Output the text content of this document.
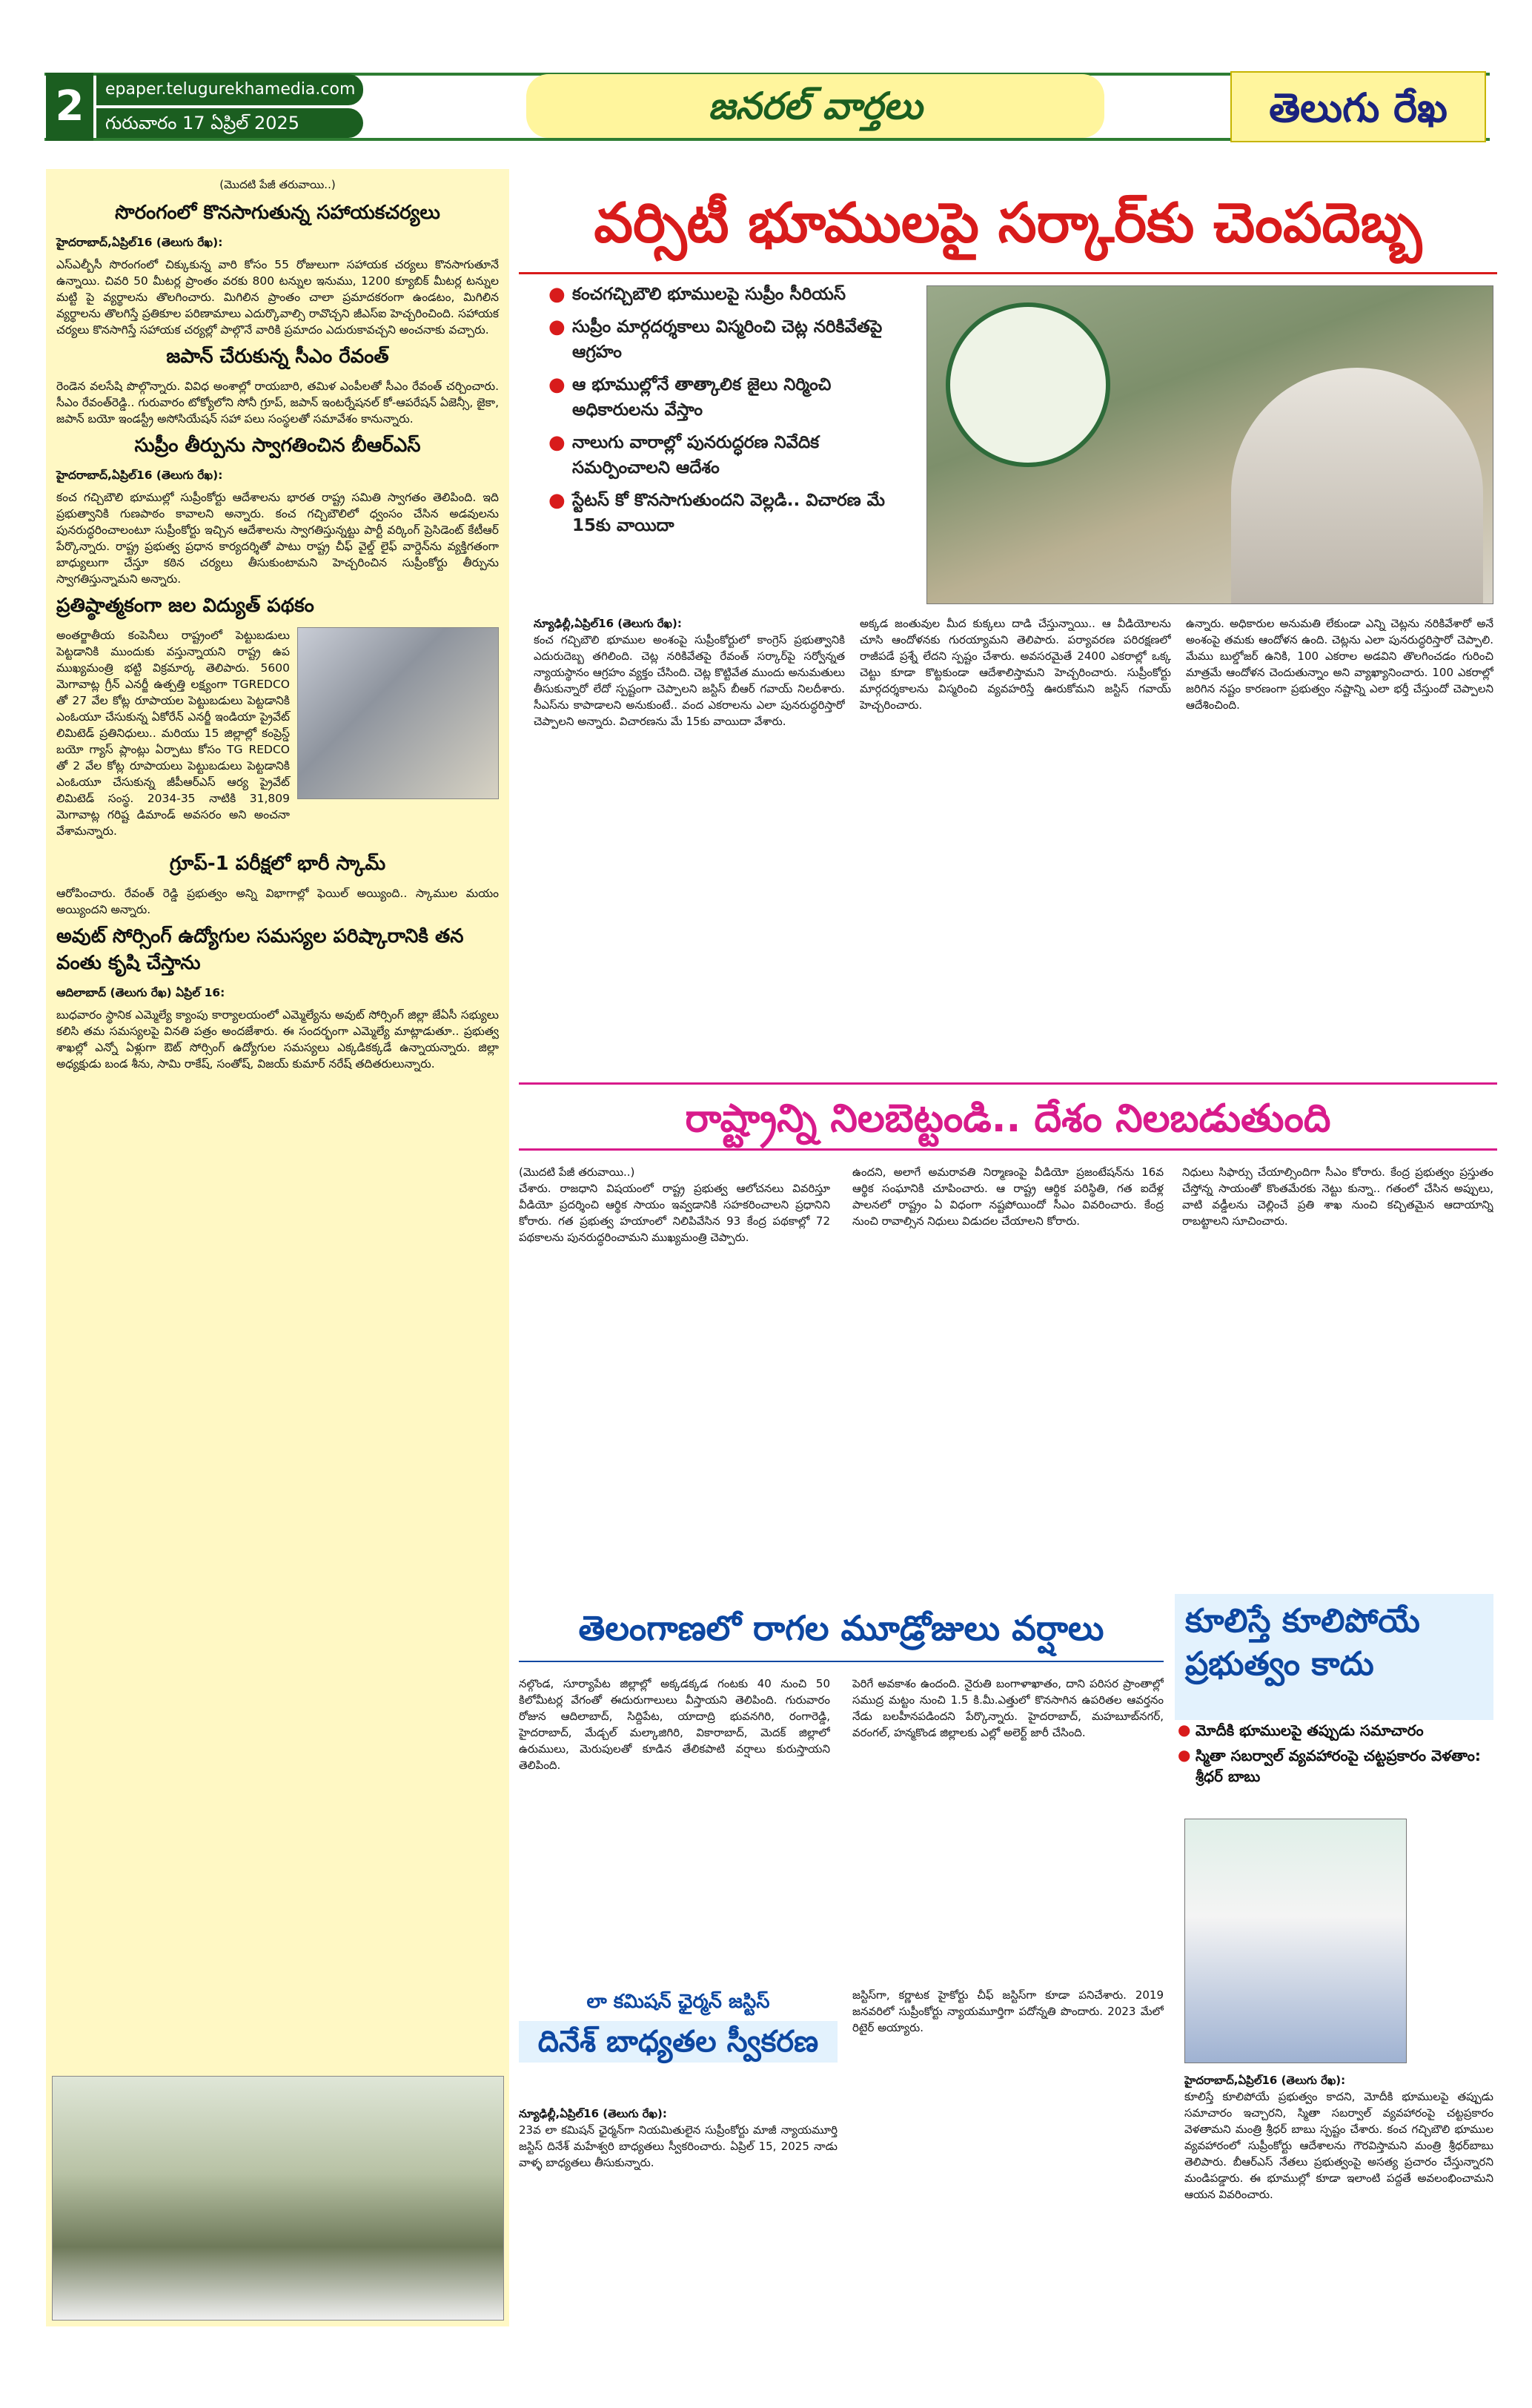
2	epaper.telugurekhamedia.com
గురువారం 17 ఏప్రిల్ 2025	జనరల్ వార్తలు	తెలుగు రేఖ
(మొదటి పేజీ తరువాయి..)
సొరంగంలో కొనసాగుతున్న సహాయకచర్యలు

హైదరాబాద్,ఏప్రిల్16 (తెలుగు రేఖ):

ఎస్ఎల్బీసీ సొరంగంలో చిక్కుకున్న వారి కోసం 55 రోజులుగా సహాయక చర్యలు కొనసాగుతూనే ఉన్నాయి. చివరి 50 మీటర్ల ప్రాంతం వరకు 800 టన్నుల ఇనుము, 1200 క్యూబిక్ మీటర్ల టన్నుల మట్టి పై వ్యర్థాలను తొలగించారు. మిగిలిన ప్రాంతం చాలా ప్రమాదకరంగా ఉండటం, మిగిలిన వ్యర్థాలను తొలగిస్తే ప్రతికూల పరిణామాలు ఎదుర్కొవాల్సి రావొచ్చని జీఎస్ఐ హెచ్చరించింది. సహాయక చర్యలు కొనసాగిస్తే సహాయక చర్యల్లో పాల్గొనే వారికి ప్రమాదం ఎదురుకావచ్చని అంచనాకు వచ్చారు.

జపాన్ చేరుకున్న సీఎం రేవంత్

రెండెన వలసేషి పొల్గొన్నారు. వివిధ అంశాల్లో రాయబారి, తమిళ ఎంపీలతో సీఎం రేవంత్ చర్చించారు. సీఎం రేవంత్‌రెడ్డి.. గురువారం టోక్యోలోని సోనీ గ్రూప్, జపాన్ ఇంటర్నేషనల్ కో-ఆపరేషన్ ఏజెన్సీ, జైకా, జపాన్ బయో ఇండస్ట్రీ అసోసియేషన్ సహా పలు సంస్థలతో సమావేశం కానున్నారు.

సుప్రీం తీర్పును స్వాగతించిన బీఆర్ఎస్

హైదరాబాద్,ఏప్రిల్16 (తెలుగు రేఖ):

కంచ గచ్చిబౌలి భూముల్లో సుప్రీంకోర్టు ఆదేశాలను భారత రాష్ట్ర సమితి స్వాగతం తెలిపింది. ఇది ప్రభుత్వానికి గుణపాఠం కావాలని అన్నారు. కంచ గచ్చిబౌలిలో ధ్వంసం చేసిన అడవులను పునరుద్ధరించాలంటూ సుప్రీంకోర్టు ఇచ్చిన ఆదేశాలను స్వాగతిస్తున్నట్టు పార్టీ వర్కింగ్ ప్రెసిడెంట్ కేటీఆర్ పేర్కొన్నారు. రాష్ట్ర ప్రభుత్వ ప్రధాన కార్యదర్శితో పాటు రాష్ట్ర చీఫ్ వైల్డ్ లైఫ్ వార్డెన్‌ను వ్యక్తిగతంగా బాధ్యులుగా చేస్తూ కఠిన చర్యలు తీసుకుంటామని హెచ్చరించిన సుప్రీంకోర్టు తీర్పును స్వాగతిస్తున్నామని అన్నారు.

ప్రతిష్ఠాత్మకంగా జల విద్యుత్ పథకం

అంతర్జాతీయ కంపెనీలు రాష్ట్రంలో పెట్టుబడులు పెట్టడానికి ముందుకు వస్తున్నాయని రాష్ట్ర ఉప ముఖ్యమంత్రి భట్టి విక్రమార్క తెలిపారు. 5600 మెగావాట్ల గ్రీన్ ఎనర్జీ ఉత్పత్తి లక్ష్యంగా TGREDCO తో 27 వేల కోట్ల రూపాయల పెట్టుబడులు పెట్టడానికి ఎంఓయూ చేసుకున్న ఏకోరేన్ ఎనర్జీ ఇండియా ప్రైవేట్ లిమిటెడ్ ప్రతినిధులు.. మరియు 15 జిల్లాల్లో కంప్రెస్డ్ బయో గ్యాస్ ప్లాంట్లు ఏర్పాటు కోసం TG REDCO తో 2 వేల కోట్ల రూపాయలు పెట్టుబడులు పెట్టడానికి ఎంఓయూ చేసుకున్న జీపీఆర్ఎస్ ఆర్య ప్రైవేట్ లిమిటెడ్ సంస్థ. 2034-35 నాటికి 31,809 మెగావాట్ల గరిష్ట డిమాండ్ అవసరం అని అంచనా వేశామన్నారు.

గ్రూప్-1 పరీక్షలో భారీ స్కామ్

ఆరోపించారు. రేవంత్ రెడ్డి ప్రభుత్వం అన్ని విభాగాల్లో ఫెయిల్ అయ్యింది.. స్కాముల మయం అయ్యిందని అన్నారు.

అవుట్ సోర్సింగ్ ఉద్యోగుల సమస్యల పరిష్కారానికి తన వంతు కృషి చేస్తాను

ఆదిలాబాద్ (తెలుగు రేఖ) ఏప్రిల్ 16:

బుధవారం స్థానిక ఎమ్మెల్యే క్యాంపు కార్యాలయంలో ఎమ్మెల్యేను అవుట్ సోర్సింగ్ జిల్లా జేఏసీ సభ్యులు కలిసి తమ సమస్యలపై వినతి పత్రం అందజేశారు. ఈ సందర్భంగా ఎమ్మెల్యే మాట్లాడుతూ.. ప్రభుత్వ శాఖల్లో ఎన్నో ఏళ్లుగా ఔట్ సోర్సింగ్ ఉద్యోగుల సమస్యలు ఎక్కడికక్కడే ఉన్నాయన్నారు. జిల్లా అధ్యక్షుడు బండ శీను, సామి రాకేష్, సంతోష్, విజయ్ కుమార్ నరేష్ తదితరులున్నారు.

వర్సిటీ భూములపై సర్కార్‌కు చెంపదెబ్బ
● కంచగచ్చిబౌలి భూములపై సుప్రీం సీరియస్
● సుప్రీం మార్గదర్శకాలు విస్మరించి చెట్ల నరికివేతపై ఆగ్రహం
● ఆ భూముల్లోనే తాత్కాలిక జైలు నిర్మించి అధికారులను వేస్తాం
● నాలుగు వారాల్లో పునరుద్ధరణ నివేదిక సమర్పించాలని ఆదేశం
● స్టేటస్ కో కొనసాగుతుందని వెల్లడి.. విచారణ మే 15కు వాయిదా
న్యూఢిల్లీ,ఏప్రిల్16 (తెలుగు రేఖ):
కంచ గచ్చిబౌలి భూముల అంశంపై సుప్రీంకోర్టులో కాంగ్రెస్ ప్రభుత్వానికి ఎదురుదెబ్బ తగిలింది. చెట్ల నరికివేతపై రేవంత్ సర్కార్‌పై సర్వోన్నత న్యాయస్థానం ఆగ్రహం వ్యక్తం చేసింది. చెట్ల కొట్టివేత ముందు అనుమతులు తీసుకున్నారో లేదో స్పష్టంగా చెప్పాలని జస్టిస్ బీఆర్ గవాయ్ నిలదీశారు. సీఎస్‌ను కాపాడాలని అనుకుంటే.. వంద ఎకరాలను ఎలా పునరుద్ధరిస్తారో చెప్పాలని అన్నారు. విచారణను మే 15కు వాయిదా వేశారు.
అక్కడ జంతువుల మీద కుక్కలు దాడి చేస్తున్నాయి.. ఆ వీడియోలను చూసి ఆందోళనకు గురయ్యామని తెలిపారు. పర్యావరణ పరిరక్షణలో రాజీపడే ప్రశ్నే లేదని స్పష్టం చేశారు. అవసరమైతే 2400 ఎకరాల్లో ఒక్క చెట్టు కూడా కొట్టకుండా ఆదేశాలిస్తామని హెచ్చరించారు. సుప్రీంకోర్టు మార్గదర్శకాలను విస్మరించి వ్యవహరిస్తే ఊరుకోమని జస్టిస్ గవాయ్ హెచ్చరించారు.
ఉన్నారు. అధికారుల అనుమతి లేకుండా ఎన్ని చెట్లను నరికివేశారో అనే అంశంపై తమకు ఆందోళన ఉంది. చెట్లను ఎలా పునరుద్ధరిస్తారో చెప్పాలి. మేము బుల్డోజర్ ఉనికి, 100 ఎకరాల అడవిని తొలగించడం గురించి మాత్రమే ఆందోళన చెందుతున్నాం అని వ్యాఖ్యానించారు. 100 ఎకరాల్లో జరిగిన నష్టం కారణంగా ప్రభుత్వం నష్టాన్ని ఎలా భర్తీ చేస్తుందో చెప్పాలని ఆదేశించింది.
రాష్ట్రాన్ని నిలబెట్టండి.. దేశం నిలబడుతుంది
(మొదటి పేజీ తరువాయి..)
చేశారు. రాజధాని విషయంలో రాష్ట్ర ప్రభుత్వ ఆలోచనలు వివరిస్తూ వీడియో ప్రదర్శించి ఆర్థిక సాయం ఇవ్వడానికి సహకరించాలని ప్రధానిని కోరారు. గత ప్రభుత్వ హయాంలో నిలిపివేసిన 93 కేంద్ర పథకాల్లో 72 పథకాలను పునరుద్ధరించామని ముఖ్యమంత్రి చెప్పారు.
ఉందని, అలాగే అమరావతి నిర్మాణంపై వీడియో ప్రజంటేషన్‌ను 16వ ఆర్థిక సంఘానికి చూపించారు. ఆ రాష్ట్ర ఆర్థిక పరిస్థితి, గత ఐదేళ్ల పాలనలో రాష్ట్రం ఏ విధంగా నష్టపోయిందో సీఎం వివరించారు. కేంద్ర నుంచి రావాల్సిన నిధులు విడుదల చేయాలని కోరారు.
నిధులు సిఫార్సు చేయాల్సిందిగా సీఎం కోరారు. కేంద్ర ప్రభుత్వం ప్రస్తుతం చేస్తోన్న సాయంతో కొంతమేరకు నెట్టు కున్నా.. గతంలో చేసిన అప్పులు, వాటి వడ్డీలను చెల్లించే ప్రతి శాఖ నుంచి కచ్చితమైన ఆదాయాన్ని రాబట్టాలని సూచించారు.
తెలంగాణలో రాగల మూడ్రోజులు వర్షాలు
నల్గొండ, సూర్యాపేట జిల్లాల్లో అక్కడక్కడ గంటకు 40 నుంచి 50 కిలోమీటర్ల వేగంతో ఈదురుగాలులు వీస్తాయని తెలిపింది. గురువారం రోజున ఆదిలాబాద్, సిద్దిపేట, యాదాద్రి భువనగిరి, రంగారెడ్డి, హైదరాబాద్, మేడ్చల్ మల్కాజిగిరి, వికారాబాద్, మెదక్ జిల్లాలో ఉరుములు, మెరుపులతో కూడిన తేలికపాటి వర్షాలు కురుస్తాయని తెలిపింది.
పెరిగే అవకాశం ఉందంది. నైరుతి బంగాళాఖాతం, దాని పరిసర ప్రాంతాల్లో సముద్ర మట్టం నుంచి 1.5 కి.మీ.ఎత్తులో కొనసాగిన ఉపరితల ఆవర్తనం నేడు బలహీనపడిందని పేర్కొన్నారు. హైదరాబాద్, మహబూబ్‌నగర్, వరంగల్, హన్మకొండ జిల్లాలకు ఎల్లో అలెర్ట్ జారీ చేసింది.
లా కమిషన్ ఛైర్మన్ జస్టిస్
దినేశ్ బాధ్యతల స్వీకరణ
న్యూఢిల్లీ,ఏప్రిల్16 (తెలుగు రేఖ):
23వ లా కమిషన్ ఛైర్మన్‌గా నియమితులైన సుప్రీంకోర్టు మాజీ న్యాయమూర్తి జస్టిస్ దినేశ్ మహేశ్వరి బాధ్యతలు స్వీకరించారు. ఏప్రిల్ 15, 2025 నాడు వాళ్ళ బాధ్యతలు తీసుకున్నారు.
జస్టిస్‌గా, కర్ణాటక హైకోర్టు చీఫ్ జస్టిస్‌గా కూడా పనిచేశారు. 2019 జనవరిలో సుప్రీంకోర్టు న్యాయమూర్తిగా పదోన్నతి పొందారు. 2023 మేలో రిటైర్ అయ్యారు.
కూలిస్తే కూలిపోయే
ప్రభుత్వం కాదు
● మోదీకి భూములపై తప్పుడు సమాచారం
● స్మితా సబర్వాల్ వ్యవహారంపై చట్టప్రకారం వెళతాం: శ్రీధర్ బాబు
హైదరాబాద్,ఏప్రిల్16 (తెలుగు రేఖ):
కూలిస్తే కూలిపోయే ప్రభుత్వం కాదని, మోదీకి భూములపై తప్పుడు సమాచారం ఇచ్చారని, స్మితా సబర్వాల్ వ్యవహారంపై చట్టప్రకారం వెళతామని మంత్రి శ్రీధర్ బాబు స్పష్టం చేశారు. కంచ గచ్చిబౌలి భూముల వ్యవహారంలో సుప్రీంకోర్టు ఆదేశాలను గౌరవిస్తామని మంత్రి శ్రీధర్‌బాబు తెలిపారు. బీఆర్ఎస్ నేతలు ప్రభుత్వంపై అసత్య ప్రచారం చేస్తున్నారని మండిపడ్డారు. ఈ భూముల్లో కూడా ఇలాంటి పద్దతే అవలంభించామని ఆయన వివరించారు.
